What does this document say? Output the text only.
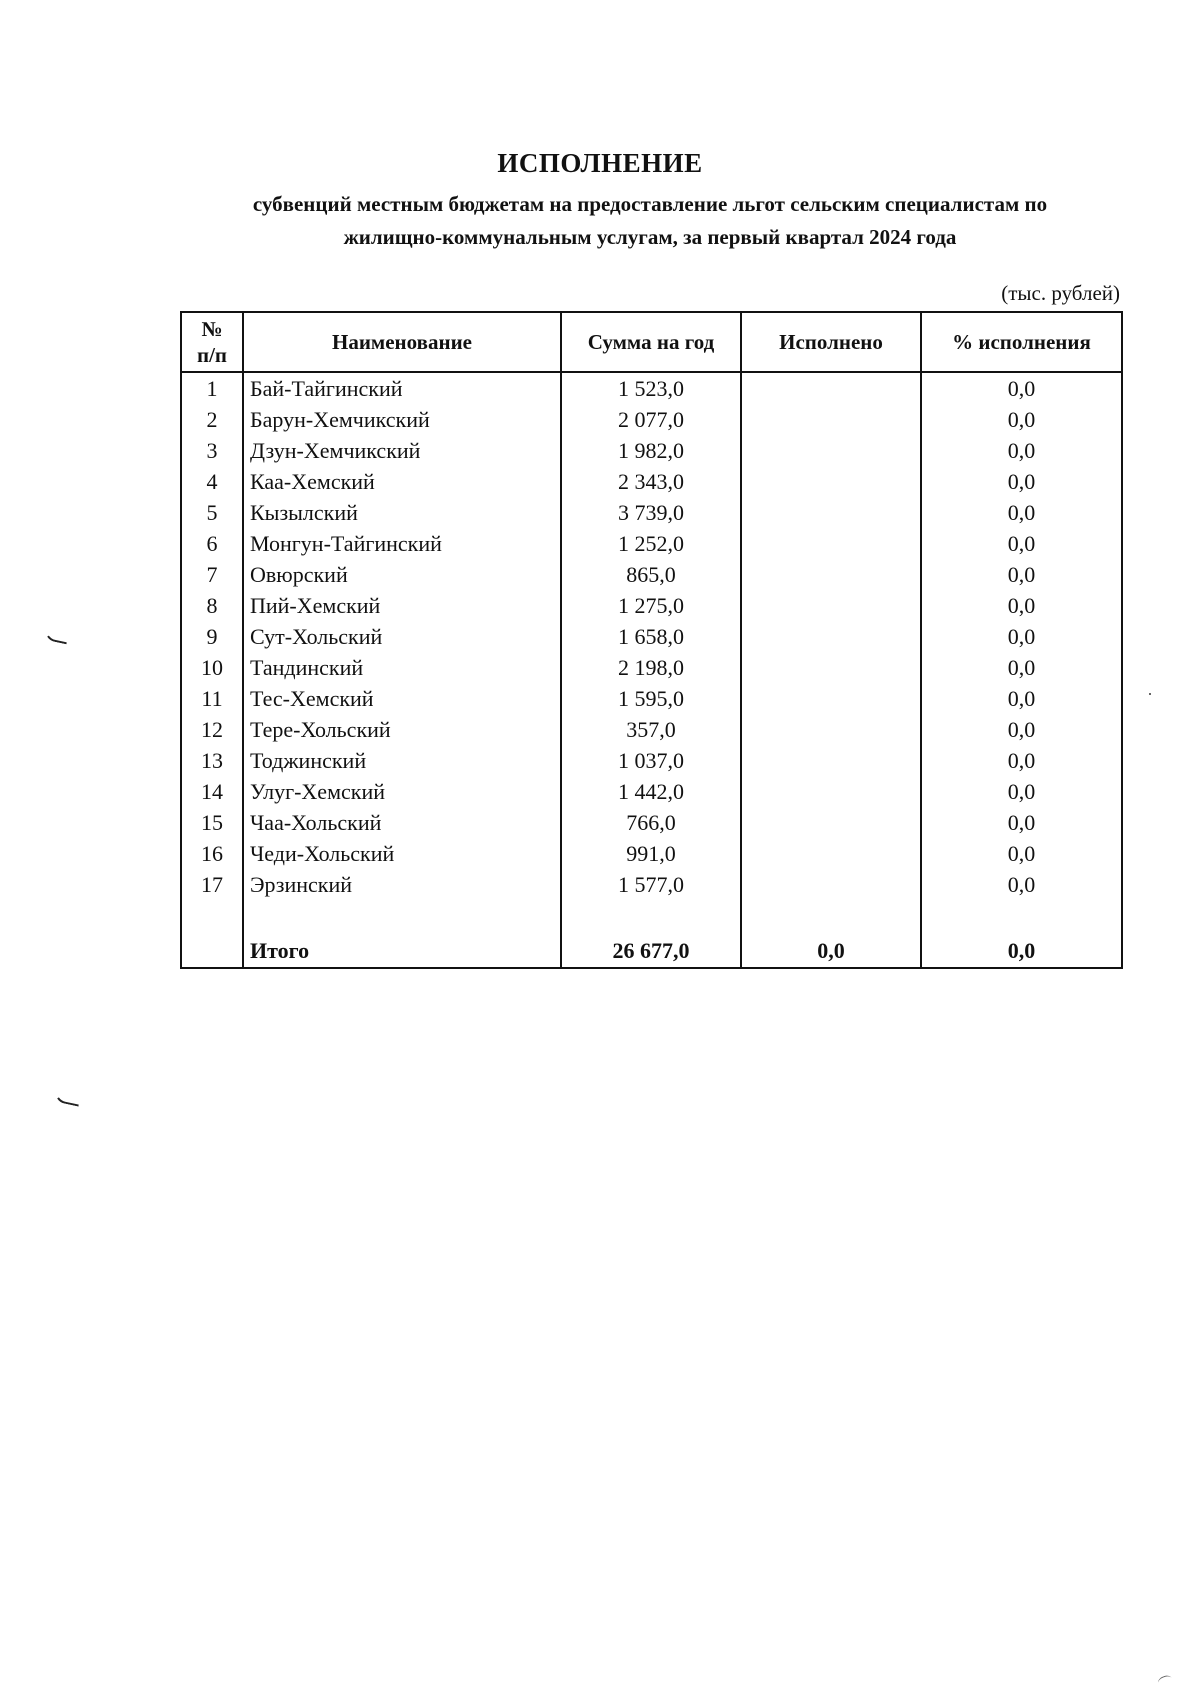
ИСПОЛНЕНИЕ
субвенций местным бюджетам на предоставление льгот сельским специалистам по
жилищно-коммунальным услугам, за первый квартал 2024 года
(тыс. рублей)
№
п/п	Наименование	Сумма на год	Исполнено	% исполнения
1	Бай-Тайгинский	1 523,0		0,0
2	Барун-Хемчикский	2 077,0		0,0
3	Дзун-Хемчикский	1 982,0		0,0
4	Каа-Хемский	2 343,0		0,0
5	Кызылский	3 739,0		0,0
6	Монгун-Тайгинский	1 252,0		0,0
7	Овюрский	865,0		0,0
8	Пий-Хемский	1 275,0		0,0
9	Сут-Хольский	1 658,0		0,0
10	Тандинский	2 198,0		0,0
11	Тес-Хемский	1 595,0		0,0
12	Тере-Хольский	357,0		0,0
13	Тоджинский	1 037,0		0,0
14	Улуг-Хемский	1 442,0		0,0
15	Чаа-Хольский	766,0		0,0
16	Чеди-Хольский	991,0		0,0
17	Эрзинский	1 577,0		0,0

	Итого	26 677,0	0,0	0,0
